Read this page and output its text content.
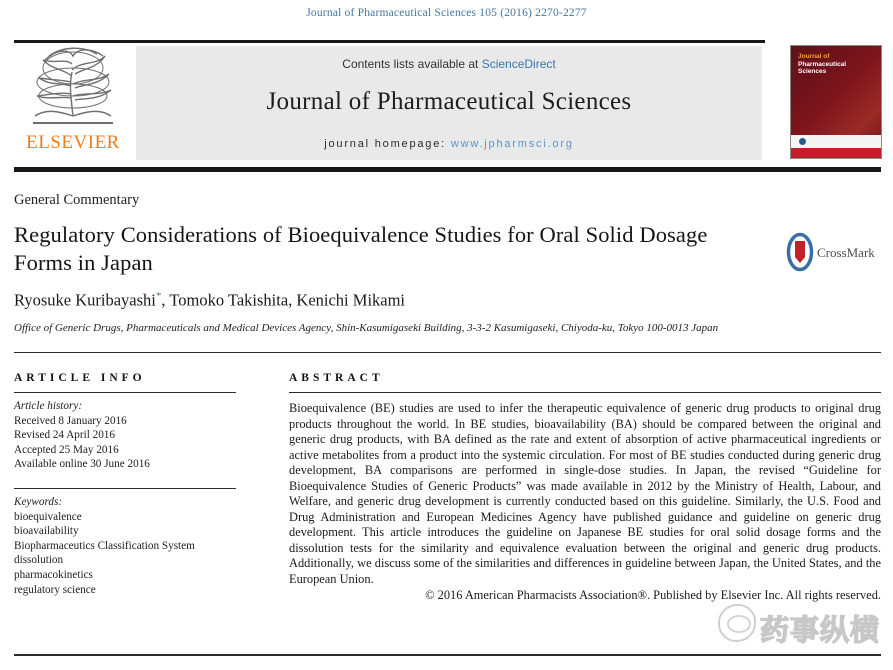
Journal of Pharmaceutical Sciences 105 (2016) 2270-2277
ELSEVIER
Contents lists available at ScienceDirect
Journal of Pharmaceutical Sciences
journal homepage: www.jpharmsci.org
Journal of
Pharmaceutical
Sciences
General Commentary
Regulatory Considerations of Bioequivalence Studies for Oral Solid Dosage Forms in Japan	CrossMark
Ryosuke Kuribayashi*, Tomoko Takishita, Kenichi Mikami
Office of Generic Drugs, Pharmaceuticals and Medical Devices Agency, Shin-Kasumigaseki Building, 3-3-2 Kasumigaseki, Chiyoda-ku, Tokyo 100-0013 Japan
ARTICLE INFO
Article history:
Received 8 January 2016
Revised 24 April 2016
Accepted 25 May 2016
Available online 30 June 2016
Keywords:
bioequivalence
bioavailability
Biopharmaceutics Classification System
dissolution
pharmacokinetics
regulatory science
ABSTRACT
Bioequivalence (BE) studies are used to infer the therapeutic equivalence of generic drug products to original drug products throughout the world. In BE studies, bioavailability (BA) should be compared between the original and generic drug products, with BA defined as the rate and extent of absorption of active pharmaceutical ingredients or active metabolites from a product into the systemic circulation. For most of BE studies conducted during generic drug development, BA comparisons are performed in single-dose studies. In Japan, the revised “Guideline for Bioequivalence Studies of Generic Products” was made available in 2012 by the Ministry of Health, Labour, and Welfare, and generic drug development is currently conducted based on this guideline. Similarly, the U.S. Food and Drug Administration and European Medicines Agency have published guidance and guideline on generic drug development. This article introduces the guideline on Japanese BE studies for oral solid dosage forms and the dissolution tests for the similarity and equivalence evaluation between the original and generic drug products. Additionally, we discuss some of the similarities and differences in guideline between Japan, the United States, and the European Union.
© 2016 American Pharmacists Association®. Published by Elsevier Inc. All rights reserved.
药事纵横
